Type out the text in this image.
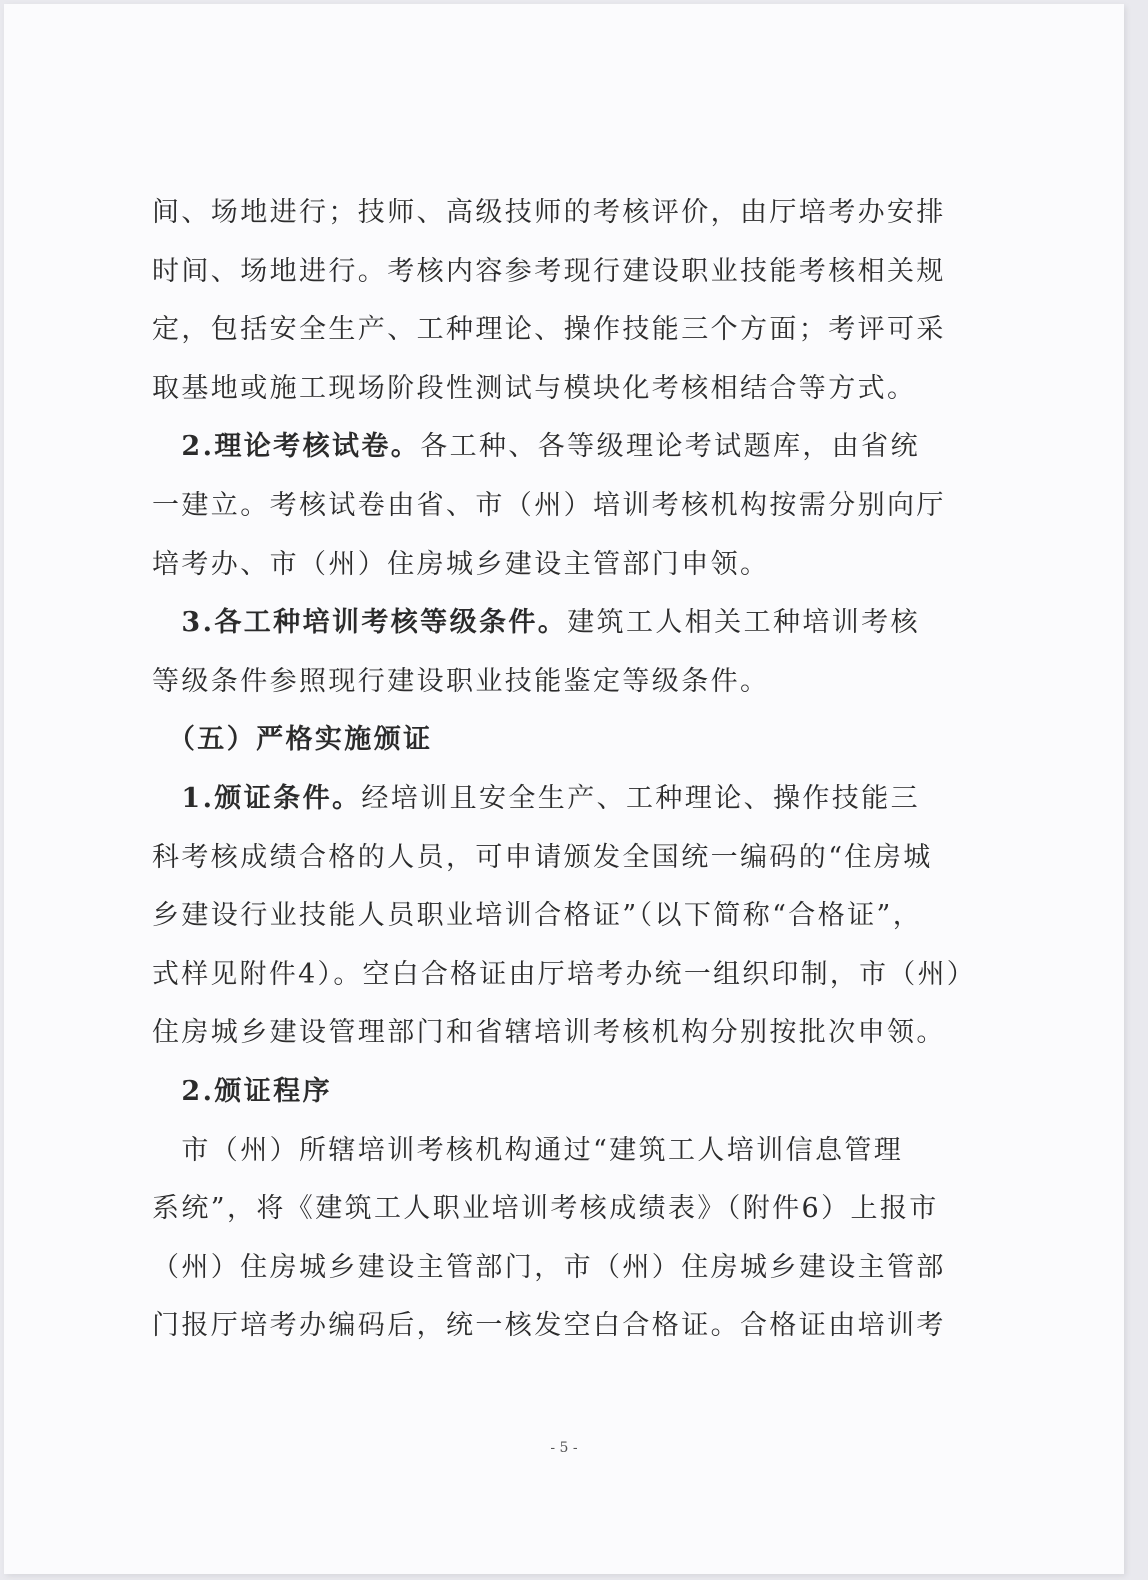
间、场地进行；技师、高级技师的考核评价，由厅培考办安排
时间、场地进行。考核内容参考现行建设职业技能考核相关规
定，包括安全生产、工种理论、操作技能三个方面；考评可采
取基地或施工现场阶段性测试与模块化考核相结合等方式。
　2.理论考核试卷。各工种、各等级理论考试题库，由省统
一建立。考核试卷由省、市（州）培训考核机构按需分别向厅
培考办、市（州）住房城乡建设主管部门申领。
　3.各工种培训考核等级条件。建筑工人相关工种培训考核
等级条件参照现行建设职业技能鉴定等级条件。
　（五）严格实施颁证
　1.颁证条件。经培训且安全生产、工种理论、操作技能三
科考核成绩合格的人员，可申请颁发全国统一编码的“住房城
乡建设行业技能人员职业培训合格证”（以下简称“合格证”，
式样见附件4）。空白合格证由厅培考办统一组织印制，市（州）
住房城乡建设管理部门和省辖培训考核机构分别按批次申领。
　2.颁证程序
　市（州）所辖培训考核机构通过“建筑工人培训信息管理
系统”，将《建筑工人职业培训考核成绩表》（附件6）上报市
（州）住房城乡建设主管部门，市（州）住房城乡建设主管部
门报厅培考办编码后，统一核发空白合格证。合格证由培训考
- 5 -
